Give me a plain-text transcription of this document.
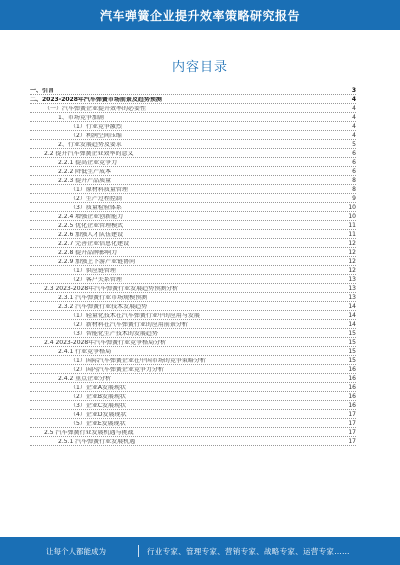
汽车弹簧企业提升效率策略研究报告
内容目录
一、引言	3
二、2023-2028年汽车弹簧市场前景及趋势预测	4
（一）汽车弹簧企业提升效率的必要性	4
1、市场竞争加剧	4
（1）行业竞争激烈	4
（2）利润空间压缩	4
2、行业发展趋势及要求	5
2.2 提升汽车弹簧企业效率的意义	6
2.2.1 提高企业竞争力	6
2.2.2 降低生产成本	6
2.2.3 提升产品质量	8
（1）原材料质量管理	8
（2）生产过程控制	9
（3）质量检验体系	10
2.2.4 增强企业创新能力	10
2.2.5 优化企业管理模式	11
2.2.6 加强人才队伍建设	11
2.2.7 完善企业信息化建设	12
2.2.8 提升品牌影响力	12
2.2.9 加强上下游产业链协同	12
（1）供应链管理	12
（2）客户关系管理	13
2.3 2023-2028年汽车弹簧行业发展趋势预测分析	13
2.3.1 汽车弹簧行业市场规模预测	13
2.3.2 汽车弹簧行业技术发展趋势	14
（1）轻量化技术在汽车弹簧行业中的应用与发展	14
（2）新材料在汽车弹簧行业的应用前景分析	14
（3）智能化生产技术的发展趋势	15
2.4 2023-2028年汽车弹簧行业竞争格局分析	15
2.4.1 行业竞争格局	15
（1）国际汽车弹簧企业在中国市场的竞争策略分析	15
（2）国内汽车弹簧企业竞争力分析	16
2.4.2 重点企业分析	16
（1）企业A发展现状	16
（2）企业B发展现状	16
（3）企业C发展现状	16
（4）企业D发展现状	17
（5）企业E发展现状	17
2.5 汽车弹簧行业发展机遇与挑战	17
2.5.1 汽车弹簧行业发展机遇	17
让每个人都能成为	行业专家、管理专家、营销专家、战略专家、运营专家……
